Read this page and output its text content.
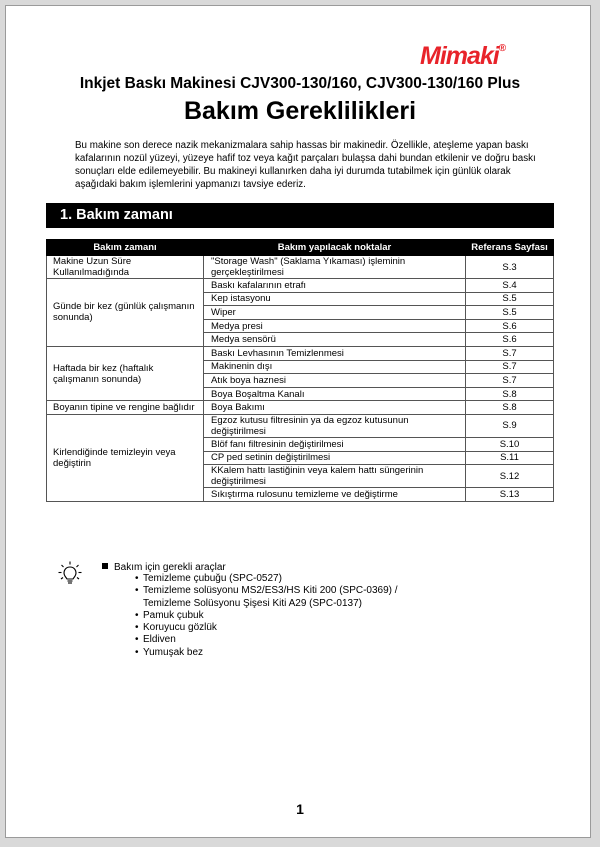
Mimaki®
Inkjet Baskı Makinesi CJV300-130/160, CJV300-130/160 Plus
Bakım Gereklilikleri
Bu makine son derece nazik mekanizmalara sahip hassas bir makinedir. Özellikle, ateşleme yapan baskı kafalarının nozül yüzeyi, yüzeye hafif toz veya kağıt parçaları bulaşsa dahi bundan etkilenir ve doğru baskı sonuçları elde edilemeyebilir. Bu makineyi kullanırken daha iyi durumda tutabilmek için günlük olarak aşağıdaki bakım işlemlerini yapmanızı tavsiye ederiz.
1. Bakım zamanı
Bakım zamanı	Bakım yapılacak noktalar	Referans Sayfası
Makine Uzun Süre Kullanılmadığında	"Storage Wash" (Saklama Yıkaması) işleminin gerçekleştirilmesi	S.3
Günde bir kez (günlük çalışmanın sonunda)	Baskı kafalarının etrafı	S.4
	Kep istasyonu	S.5
	Wiper	S.5
	Medya presi	S.6
	Medya sensörü	S.6
Haftada bir kez (haftalık çalışmanın sonunda)	Baskı Levhasının Temizlenmesi	S.7
	Makinenin dışı	S.7
	Atık boya haznesi	S.7
	Boya Boşaltma Kanalı	S.8
Boyanın tipine ve rengine bağlıdır	Boya Bakımı	S.8
Kirlendiğinde temizleyin veya değiştirin	Egzoz kutusu filtresinin ya da egzoz kutusunun değiştirilmesi	S.9
	Blöf fanı filtresinin değiştirilmesi	S.10
	CP ped setinin değiştirilmesi	S.11
	KKalem hattı lastiğinin veya kalem hattı süngerinin değiştirilmesi	S.12
	Sıkıştırma rulosunu temizleme ve değiştirme	S.13
Bakım için gerekli araçlar
• Temizleme çubuğu (SPC-0527)
• Temizleme solüsyonu MS2/ES3/HS Kiti 200 (SPC-0369) /
Temizleme Solüsyonu Şişesi Kiti A29 (SPC-0137)
• Pamuk çubuk
• Koruyucu gözlük
• Eldiven
• Yumuşak bez
1
